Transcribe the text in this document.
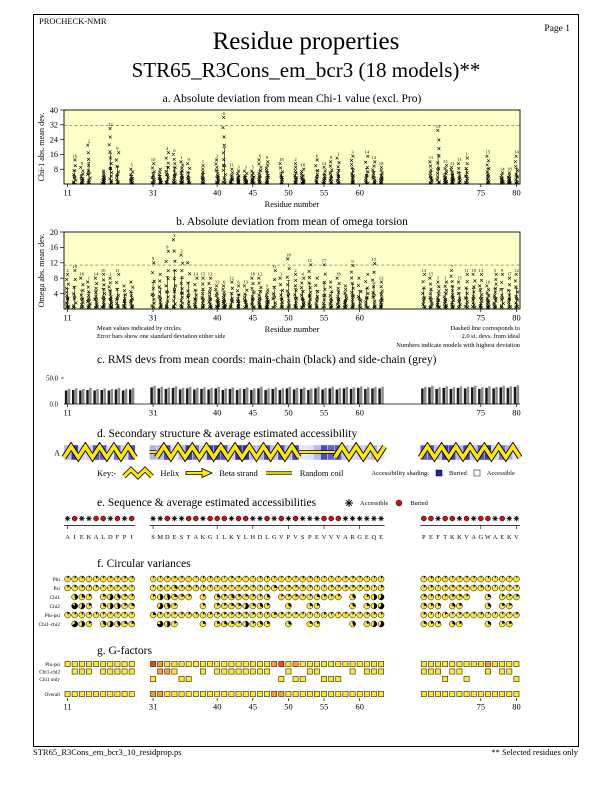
PROCHECK-NMR
Page 1
Residue properties
STR65_R3Cons_em_bcr3 (18 models)**
a. Absolute deviation from mean Chi-1 value (excl. Pro)
8
16
24
32
40
Chi-1 abs. mean dev.	16
9
2
12
9
5
10
4 6
1 9	1
2
6
11 3 3 5
6 9 18 2
18
6
14
8
1	3 14
12
18
11
13
13 11
11
1	15
14 18
14
11	31	40	45	50	55	60	75	80
Residue number
b. Absolute deviation from mean of omega torsion
4
8
12
16
20
Omega abs. mean dev.	2
10
16
1
14
10
1
11
9
9
2
2
13 15 13
13 6
12
6 13
18 12
2
11
3
18
2
4
11 17
18
9	15
13
13
15
5 1
7
15
11 10 13
10
5 9
17
12
11	31	40	45	50	55	60	75	80
Mean values indicated by circles
Error bars show one standard deviation either side
Residue number	Dashed line corresponds to
2.0 st. devs. from ideal
Numbers indicate models with highest deviation
c. RMS devs from mean coords: main-chain (black) and side-chain (grey)
50.0
0.0
11	31	40	45	50	55	60	75	80
d. Secondary structure & average estimated accessibility
A
Key:-	Helix	Beta strand	Random coil	Accessibility shading:	Buried	Accessible
e. Sequence & average estimated accessibilities	Accessible	Buried
A I E K A L D F P I	S M D E S T A K G I L K Y L H D L G V P V S P E V V V A R G E Q E	P E F T K K V A G W A E K V
f. Circular variances
Phi
Psi
Chi1
Chi2
Phi-psi
Chi1-chi2
g. G-factors
Phi-psi
Chi1-chi2
Chi1 only
Overall
11	31	40	45	50	55	60	75	80
STR65_R3Cons_em_bcr3_10_residprop.ps	** Selected residues only
